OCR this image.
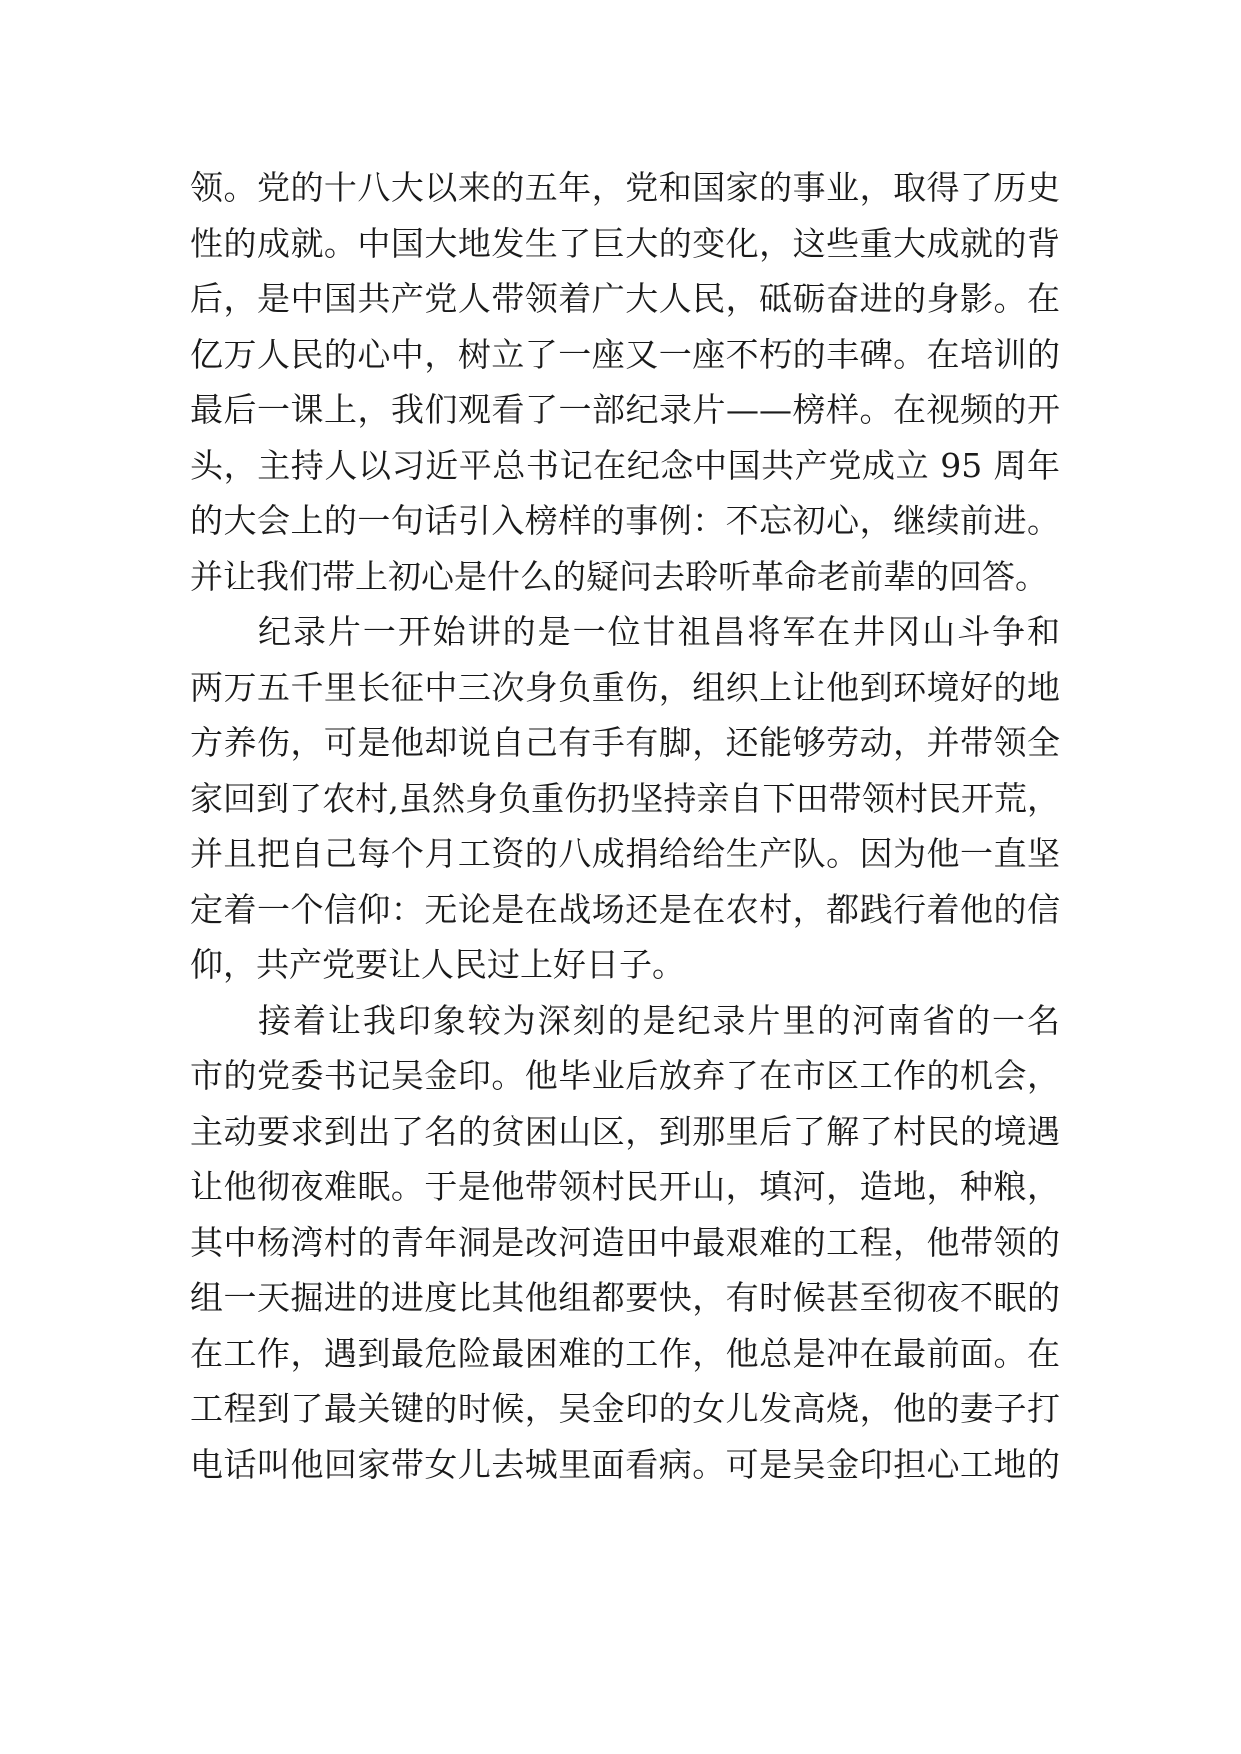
领。党的十八大以来的五年，党和国家的事业，取得了历史
性的成就。中国大地发生了巨大的变化，这些重大成就的背
后，是中国共产党人带领着广大人民，砥砺奋进的身影。在
亿万人民的心中，树立了一座又一座不朽的丰碑。在培训的
最后一课上，我们观看了一部纪录片——榜样。在视频的开
头，主持人以习近平总书记在纪念中国共产党成立 95 周年
的大会上的一句话引入榜样的事例：不忘初心，继续前进。
并让我们带上初心是什么的疑问去聆听革命老前辈的回答。
纪录片一开始讲的是一位甘祖昌将军在井冈山斗争和
两万五千里长征中三次身负重伤，组织上让他到环境好的地
方养伤，可是他却说自己有手有脚，还能够劳动，并带领全
家回到了农村,虽然身负重伤扔坚持亲自下田带领村民开荒，
并且把自己每个月工资的八成捐给给生产队。因为他一直坚
定着一个信仰：无论是在战场还是在农村，都践行着他的信
仰，共产党要让人民过上好日子。
接着让我印象较为深刻的是纪录片里的河南省的一名
市的党委书记吴金印。他毕业后放弃了在市区工作的机会，
主动要求到出了名的贫困山区，到那里后了解了村民的境遇
让他彻夜难眠。于是他带领村民开山，填河，造地，种粮，
其中杨湾村的青年洞是改河造田中最艰难的工程，他带领的
组一天掘进的进度比其他组都要快，有时候甚至彻夜不眠的
在工作，遇到最危险最困难的工作，他总是冲在最前面。在
工程到了最关键的时候，吴金印的女儿发高烧，他的妻子打
电话叫他回家带女儿去城里面看病。可是吴金印担心工地的
